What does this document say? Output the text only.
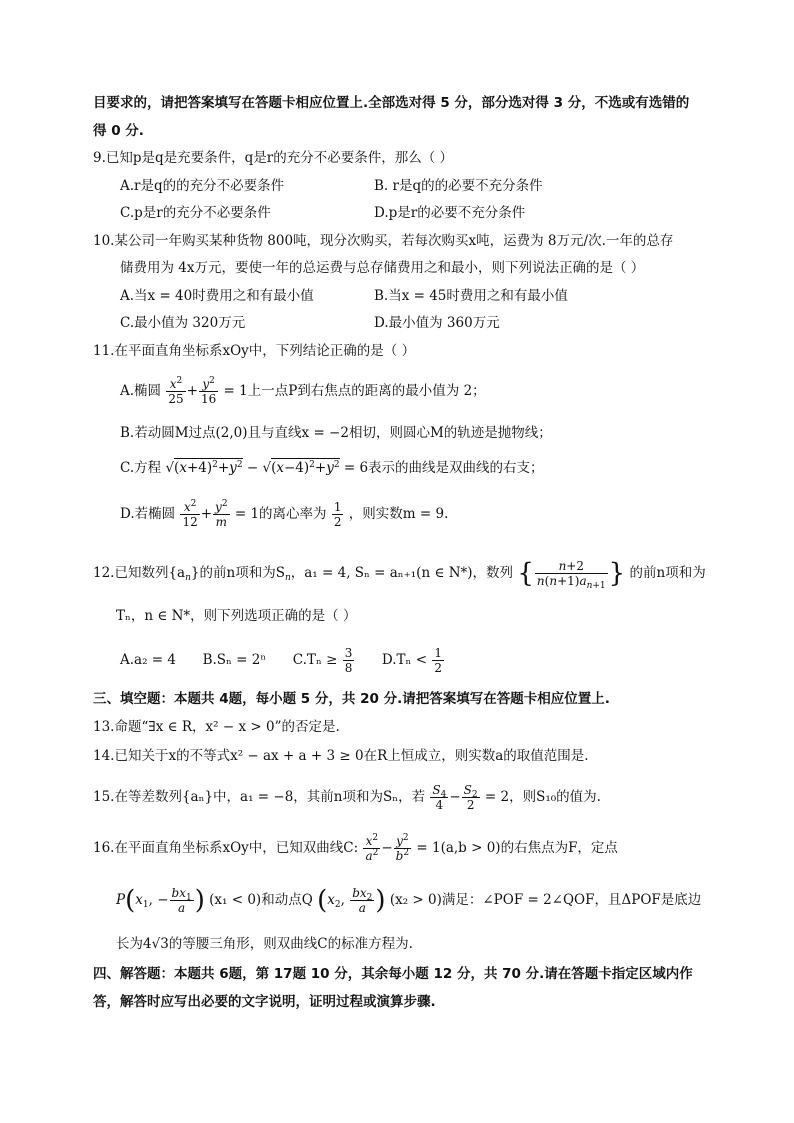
目要求的，请把答案填写在答题卡相应位置上.全部选对得 5 分，部分选对得 3 分，不选或有选错的
得 0 分.
9.已知p是q是充要条件，q是r的充分不必要条件，那么（ ）
A.r是q的的充分不必要条件	B. r是q的的必要不充分条件
C.p是r的充分不必要条件	D.p是r的必要不充分条件
10.某公司一年购买某种货物 800吨，现分次购买，若每次购买x吨，运费为 8万元/次.一年的总存
储费用为 4x万元，要使一年的总运费与总存储费用之和最小，则下列说法正确的是（ ）
A.当x = 40时费用之和有最小值	B.当x = 45时费用之和有最小值
C.最小值为 320万元	D.最小值为 360万元
11.在平面直角坐标系xOy中，下列结论正确的是（ ）
A.椭圆 $\frac{x^2}{25} + \frac{y^2}{16} = 1$上一点P到右焦点的距离的最小值为 2；
B.若动圆M过点(2,0)且与直线x = −2相切，则圆心M的轨迹是抛物线；
C.方程 $√(x+4)^2+y^2 - √(x-4)^2+y^2 = 6$表示的曲线是双曲线的右支；
D.若椭圆 $\frac{x^2}{12} + \frac{y^2}{m} = 1$的离心率为 $\frac{1}{2}$ ，则实数m = 9.
12.已知数列$\{a_n\}$的前n项和为$S_n$，a₁ = 4, Sₙ = aₙ₊₁(n ∈ N*)，数列 { $\frac{n+2}{n(n+1)a_{n+1}}$ } 的前n项和为
Tₙ，n ∈ N*，则下列选项正确的是（ ）
A.a₂ = 4 B.Sₙ = 2ⁿ $C.T_n \ge \frac{3}{8} D.T_n < \frac{1}{2}$
三、填空题：本题共 4题，每小题 5 分，共 20 分.请把答案填写在答题卡相应位置上.
13.命题“∃x ∈ R，x² − x > 0”的否定是.
14.已知关于x的不等式x² − ax + a + 3 ≥ 0在R上恒成立，则实数a的取值范围是.
15.在等差数列{aₙ}中，a₁ = −8，其前n项和为Sₙ，若 $\frac{S_4}{4} - \frac{S_2}{2} = 2$，则S₁₀的值为.
16.在平面直角坐标系xOy中，已知双曲线C: $\frac{x^2}{a^2} - \frac{y^2}{b^2} = 1(a,b > 0)$的右焦点为F，定点
$P(x_1$, − $\frac{bx_1}{a}$ ) (x₁ < 0)和动点Q ($x_2$, $\frac{bx_2}{a}$ ) (x₂ > 0)满足：∠POF = 2∠QOF，且ΔPOF是底边
长为4√3的等腰三角形，则双曲线C的标准方程为.
四、解答题：本题共 6题，第 17题 10 分，其余每小题 12 分，共 70 分.请在答题卡指定区域内作
答，解答时应写出必要的文字说明，证明过程或演算步骤.
